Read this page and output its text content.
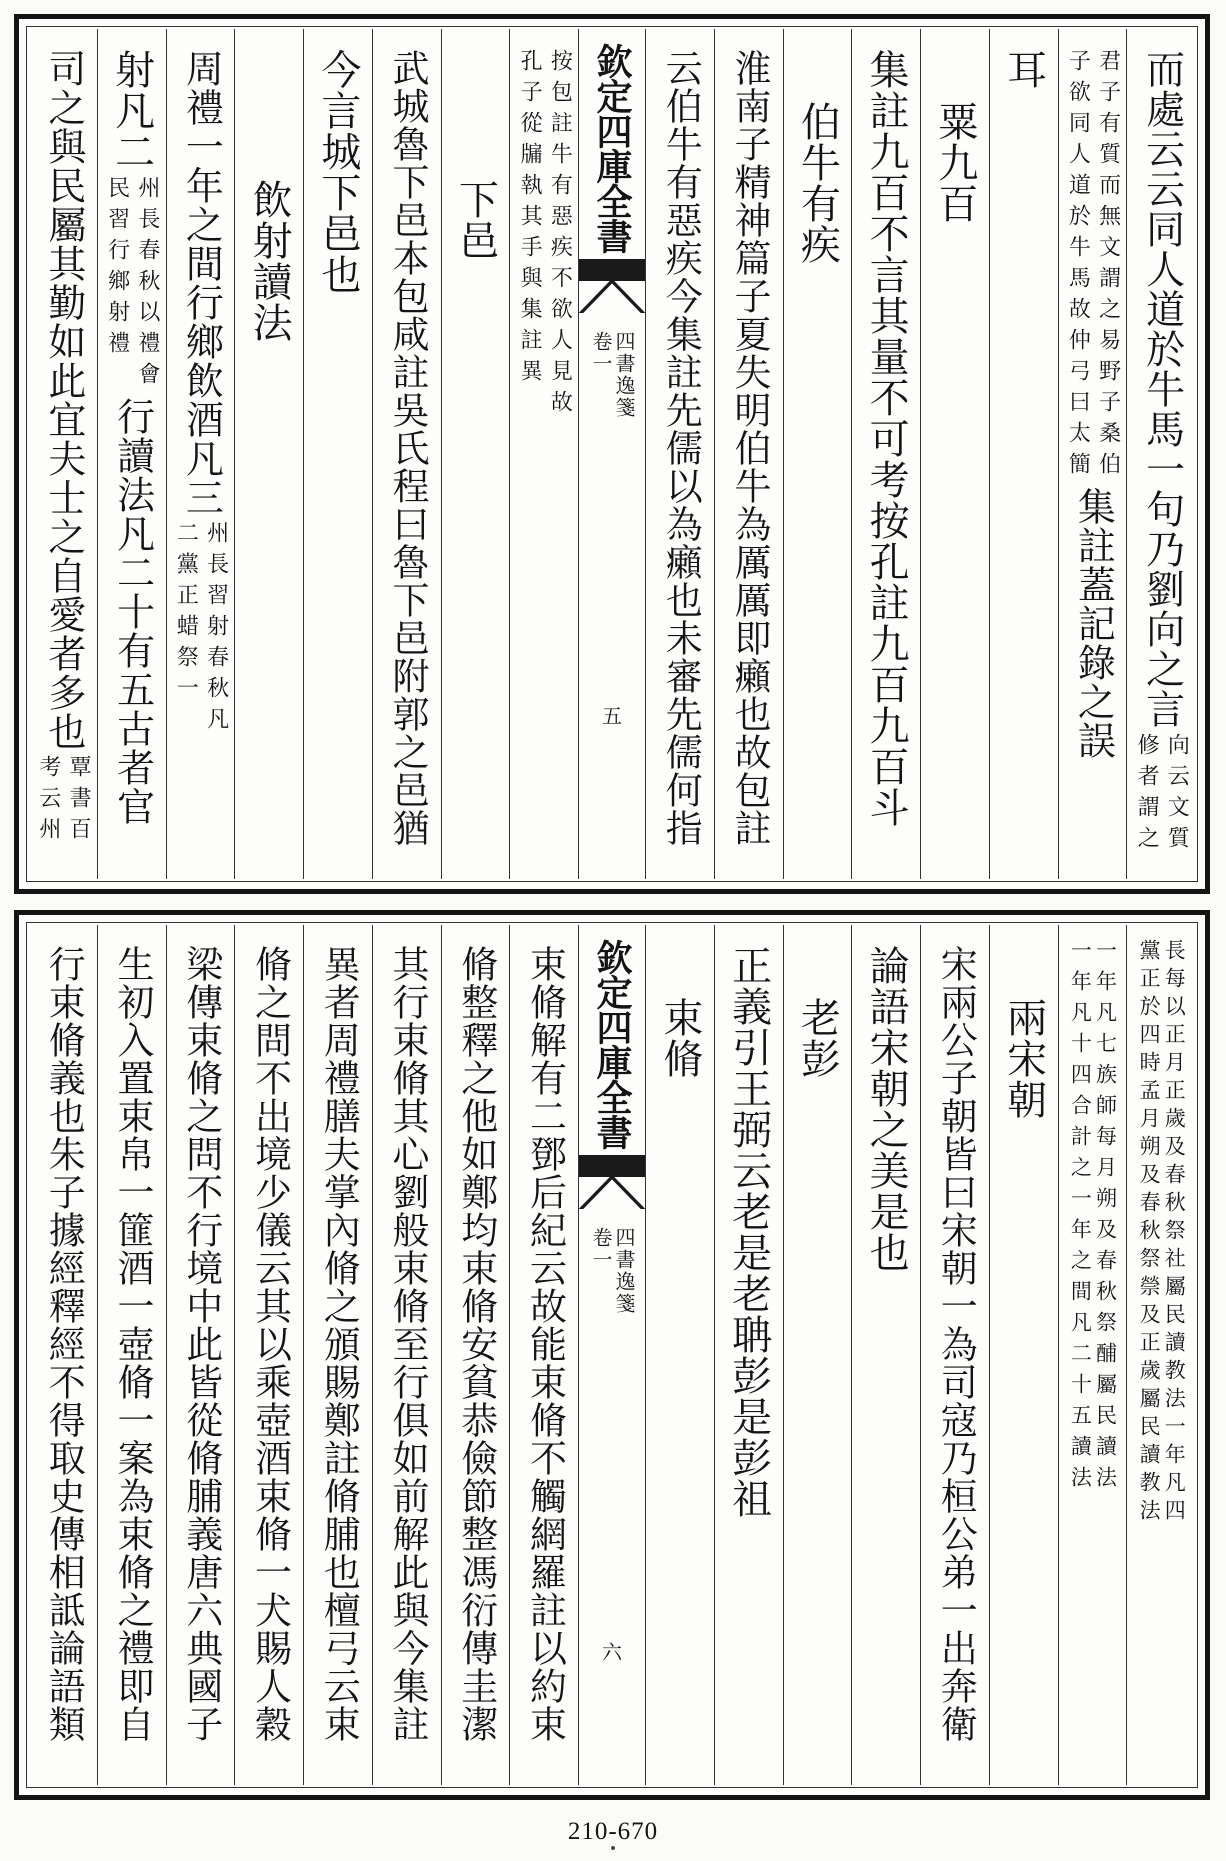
而處云云同人道於牛馬一句乃劉向之言
向云文質
修者謂之
君子有質而無文謂之易野子桑伯
子欲同人道於牛馬故仲弓曰太簡
集註蓋記錄之誤
耳
粟九百
集註九百不言其量不可考按孔註九百九百斗
伯牛有疾
淮南子精神篇子夏失明伯牛為厲厲即癩也故包註
云伯牛有惡疾今集註先儒以為癩也未審先儒何指
欽定四庫全書
四書逸箋
卷一
五
按包註牛有惡疾不欲人見故
孔子從牖執其手與集註異
下邑
武城魯下邑本包咸註吳氏程曰魯下邑附郭之邑猶
今言城下邑也
飲射讀法
周禮一年之間行鄉飲酒凡三
州長習射春秋凡
二黨正蜡祭一
射凡二
州長春秋以禮會
民習行鄉射禮
行讀法凡二十有五古者官
司之與民屬其勤如此宜夫士之自愛者多也
覃書百
考云州
長每以正月正歲及春秋祭社屬民讀教法一年凡四
黨正於四時孟月朔及春秋祭禜及正歲屬民讀教法
一年凡七族師每月朔及春秋祭酺屬民讀法
一年凡十四合計之一年之間凡二十五讀法
兩宋朝
宋兩公子朝皆曰宋朝一為司寇乃桓公弟一出奔衛
論語宋朝之美是也
老彭
正義引王弼云老是老聃彭是彭祖
束脩
欽定四庫全書
四書逸箋
卷一
六
束脩解有二鄧后紀云故能束脩不觸網羅註以約束
脩整釋之他如鄭均束脩安貧恭儉節整馮衍傳圭潔
其行束脩其心劉般束脩至行俱如前解此與今集註
異者周禮膳夫掌內脩之頒賜鄭註脩脯也檀弓云束
脩之問不出境少儀云其以乘壺酒束脩一犬賜人穀
梁傳束脩之問不行境中此皆從脩脯義唐六典國子
生初入置束帛一篚酒一壺脩一案為束脩之禮即自
行束脩義也朱子據經釋經不得取史傳相詆論語類
210-670
